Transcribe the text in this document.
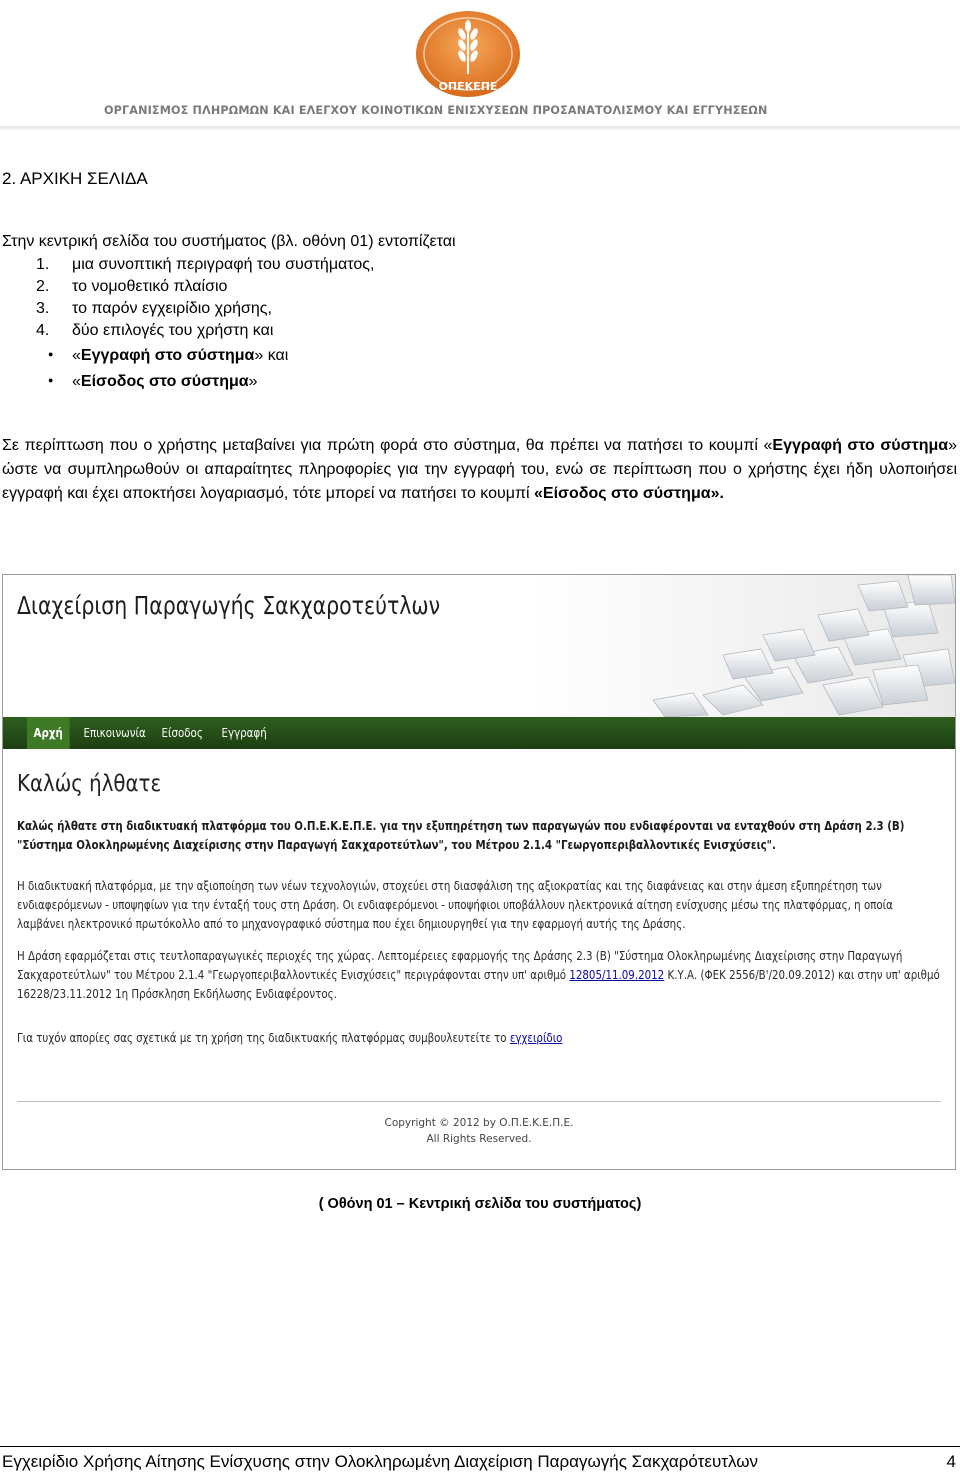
ΟΠΕΚΕΠΕ
ΟΡΓΑΝΙΣΜΟΣ ΠΛΗΡΩΜΩΝ ΚΑΙ ΕΛΕΓΧΟΥ ΚΟΙΝΟΤΙΚΩΝ ΕΝΙΣΧΥΣΕΩΝ ΠΡΟΣΑΝΑΤΟΛΙΣΜΟΥ ΚΑΙ ΕΓΓΥΗΣΕΩΝ
2. ΑΡΧΙΚΗ ΣΕΛΙΔΑ
Στην κεντρική σελίδα του συστήματος (βλ. οθόνη 01) εντοπίζεται
1. μια συνοπτική περιγραφή του συστήματος,
2. το νομοθετικό πλαίσιο
3. το παρόν εγχειρίδιο χρήσης,
4. δύο επιλογές του χρήστη και
● «Εγγραφή στο σύστημα» και
● «Είσοδος στο σύστημα»

Σε περίπτωση που ο χρήστης μεταβαίνει για πρώτη φορά στο σύστημα, θα πρέπει να πατήσει το κουμπί «Εγγραφή στο σύστημα» ώστε να συμπληρωθούν οι απαραίτητες πληροφορίες για την εγγραφή του, ενώ σε περίπτωση που ο χρήστης έχει ήδη υλοποιήσει εγγραφή και έχει αποκτήσει λογαριασμό, τότε μπορεί να πατήσει το κουμπί «Είσοδος στο σύστημα».

Διαχείριση Παραγωγής Σακχαροτεύτλων
Αρχή	Επικοινωνία	Είσοδος	Εγγραφή
Καλώς ήλθατε
Καλώς ήλθατε στη διαδικτυακή πλατφόρμα του Ο.Π.Ε.Κ.Ε.Π.Ε. για την εξυπηρέτηση των παραγωγών που ενδιαφέρονται να ενταχθούν στη Δράση 2.3 (Β) "Σύστημα Ολοκληρωμένης Διαχείρισης στην Παραγωγή Σακχαροτεύτλων", του Μέτρου 2.1.4 "Γεωργοπεριβαλλοντικές Ενισχύσεις".
Η διαδικτυακή πλατφόρμα, με την αξιοποίηση των νέων τεχνολογιών, στοχεύει στη διασφάλιση της αξιοκρατίας και της διαφάνειας και στην άμεση εξυπηρέτηση των ενδιαφερόμενων - υποψηφίων για την ένταξή τους στη Δράση. Οι ενδιαφερόμενοι - υποψήφιοι υποβάλλουν ηλεκτρονικά αίτηση ενίσχυσης μέσω της πλατφόρμας, η οποία λαμβάνει ηλεκτρονικό πρωτόκολλο από το μηχανογραφικό σύστημα που έχει δημιουργηθεί για την εφαρμογή αυτής της Δράσης.
Η Δράση εφαρμόζεται στις τευτλοπαραγωγικές περιοχές της χώρας. Λεπτομέρειες εφαρμογής της Δράσης 2.3 (Β) "Σύστημα Ολοκληρωμένης Διαχείρισης στην Παραγωγή Σακχαροτεύτλων" του Μέτρου 2.1.4 "Γεωργοπεριβαλλοντικές Ενισχύσεις" περιγράφονται στην υπ' αριθμό 12805/11.09.2012 Κ.Υ.Α. (ΦΕΚ 2556/Β'/20.09.2012) και στην υπ' αριθμό 16228/23.11.2012 1η Πρόσκληση Εκδήλωσης Ενδιαφέροντος.
Για τυχόν απορίες σας σχετικά με τη χρήση της διαδικτυακής πλατφόρμας συμβουλευτείτε το εγχειρίδιο
Copyright © 2012 by Ο.Π.Ε.Κ.Ε.Π.Ε.
All Rights Reserved.
( Οθόνη 01 – Κεντρική σελίδα του συστήματος)
Εγχειρίδιο Χρήσης Αίτησης Ενίσχυσης στην Ολοκληρωμένη Διαχείριση Παραγωγής Σακχαρότευτλων	4
